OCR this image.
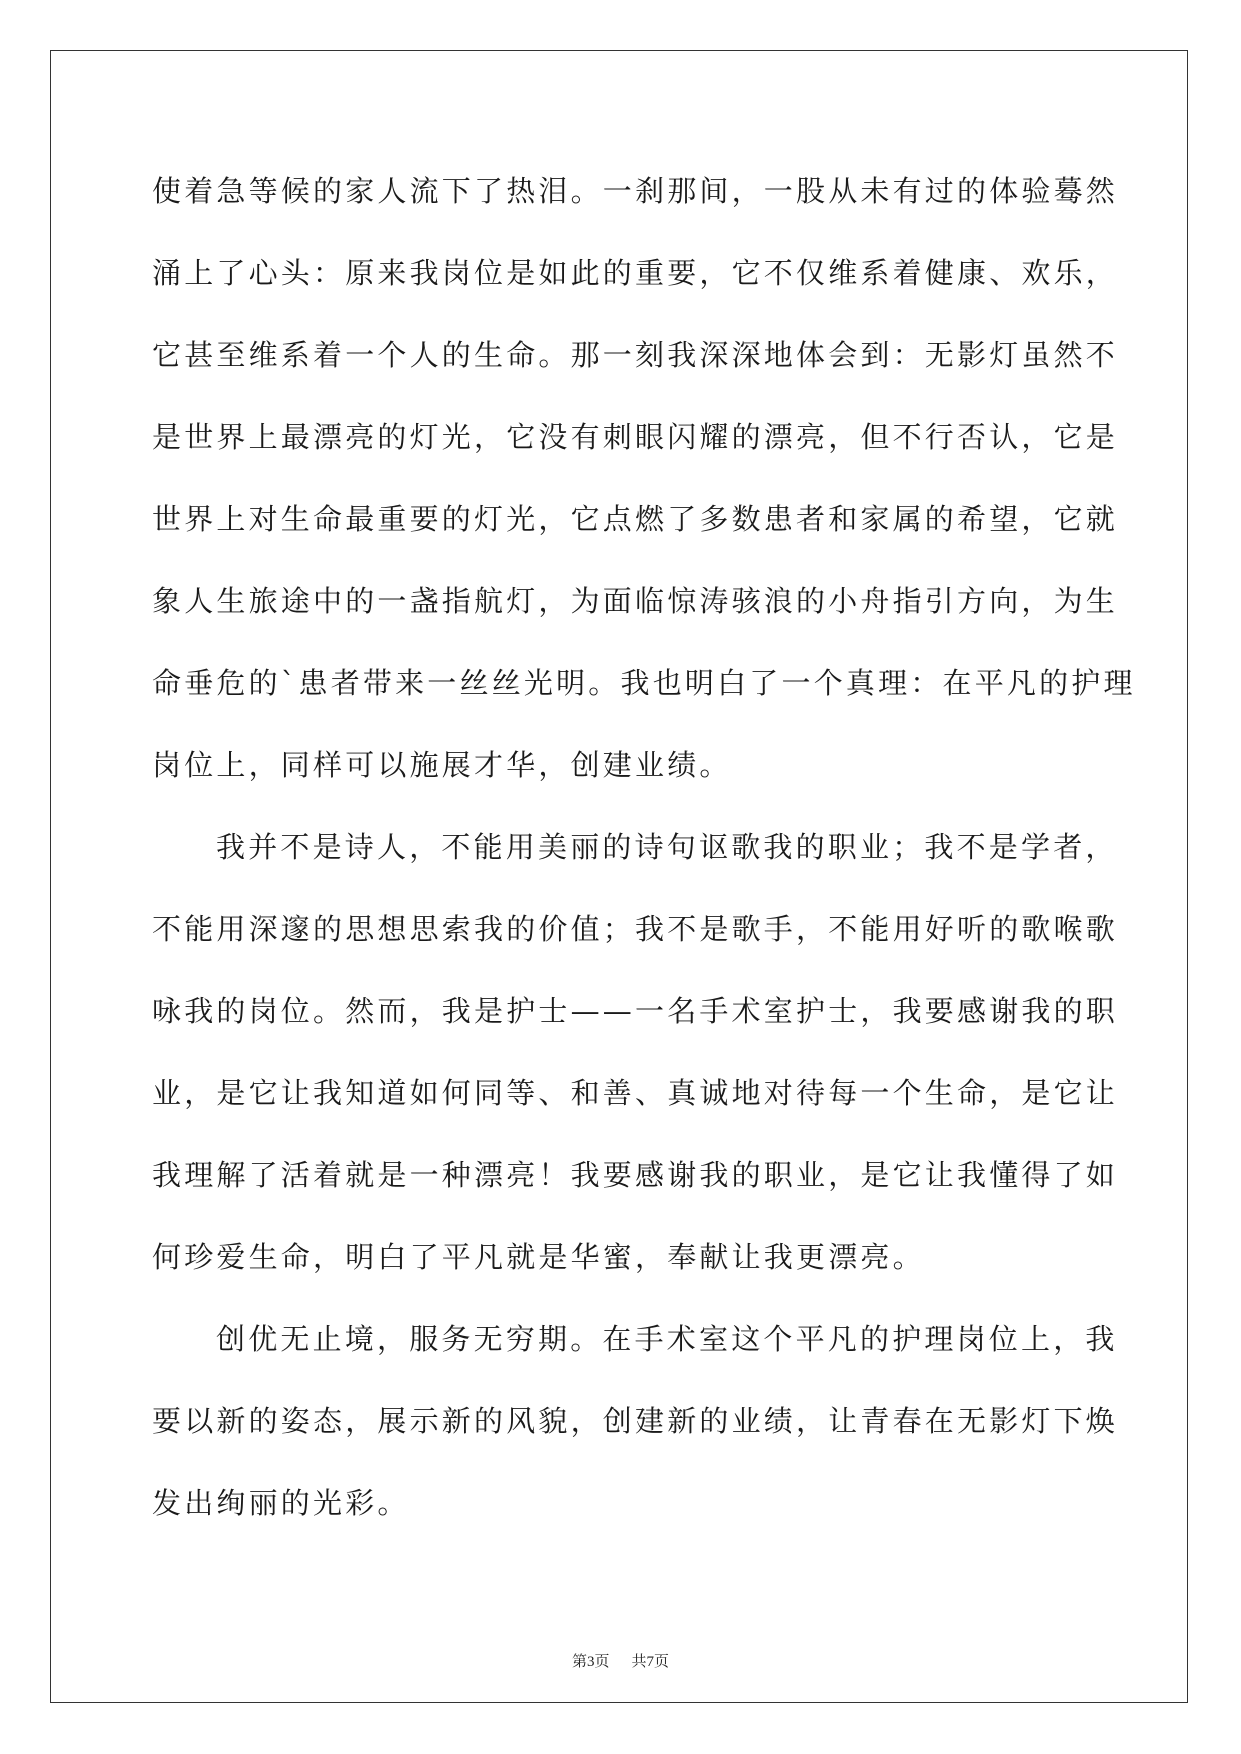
使着急等候的家人流下了热泪。一刹那间，一股从未有过的体验蓦然
涌上了心头：原来我岗位是如此的重要，它不仅维系着健康、欢乐，
它甚至维系着一个人的生命。那一刻我深深地体会到：无影灯虽然不
是世界上最漂亮的灯光，它没有刺眼闪耀的漂亮，但不行否认，它是
世界上对生命最重要的灯光，它点燃了多数患者和家属的希望，它就
象人生旅途中的一盏指航灯，为面临惊涛骇浪的小舟指引方向，为生
命垂危的`患者带来一丝丝光明。我也明白了一个真理：在平凡的护理
岗位上，同样可以施展才华，创建业绩。
我并不是诗人，不能用美丽的诗句讴歌我的职业；我不是学者，
不能用深邃的思想思索我的价值；我不是歌手，不能用好听的歌喉歌
咏我的岗位。然而，我是护士——一名手术室护士，我要感谢我的职
业，是它让我知道如何同等、和善、真诚地对待每一个生命，是它让
我理解了活着就是一种漂亮！我要感谢我的职业，是它让我懂得了如
何珍爱生命，明白了平凡就是华蜜，奉献让我更漂亮。
创优无止境，服务无穷期。在手术室这个平凡的护理岗位上，我
要以新的姿态，展示新的风貌，创建新的业绩，让青春在无影灯下焕
发出绚丽的光彩。
第3页 共7页
